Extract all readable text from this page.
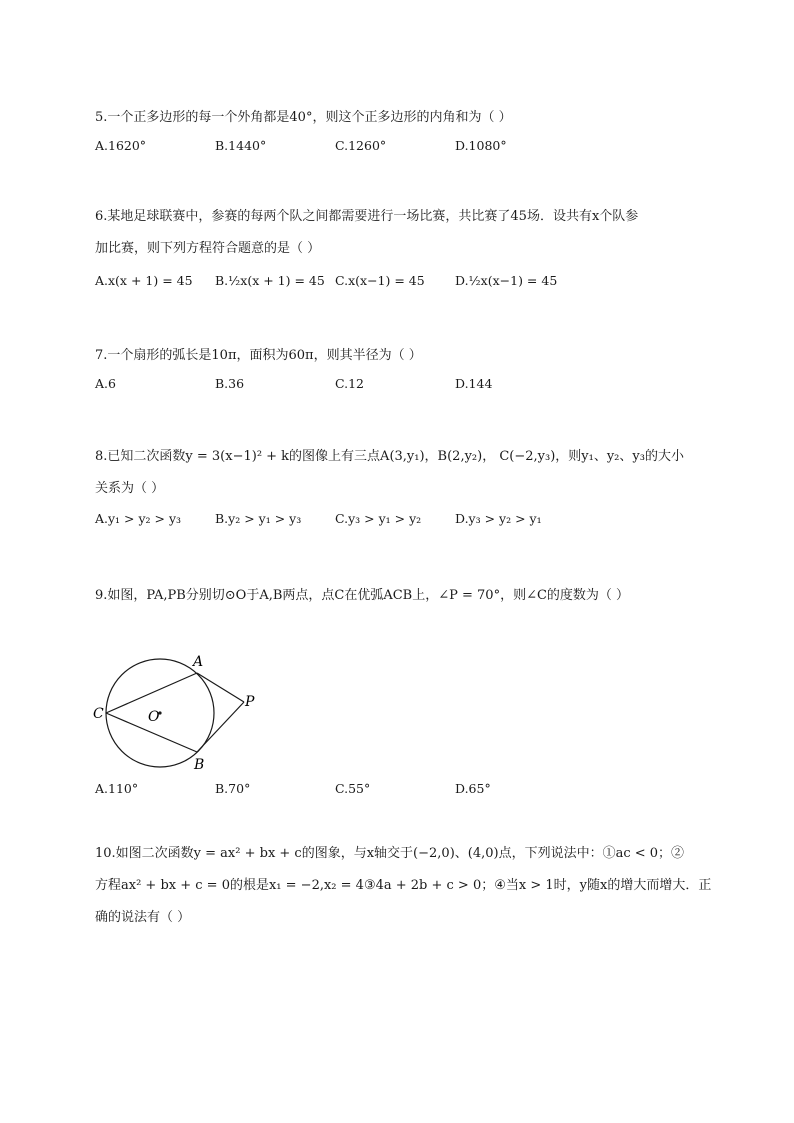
5.一个正多边形的每一个外角都是40°，则这个正多边形的内角和为（ ）
A.1620°	B.1440°	C.1260°	D.1080°
6.某地足球联赛中，参赛的每两个队之间都需要进行一场比赛，共比赛了45场．设共有x个队参
加比赛，则下列方程符合题意的是（ ）
A.x(x + 1) = 45 B.½x(x + 1) = 45 C.x(x−1) = 45 D.½x(x−1) = 45
7.一个扇形的弧长是10π，面积为60π，则其半径为（ ）
A.6	B.36	C.12	D.144
8.已知二次函数y = 3(x−1)² + k的图像上有三点A(3,y₁)，B(2,y₂)， C(−2,y₃)，则y₁、y₂、y₃的大小
关系为（ ）
A.y₁ > y₂ > y₃	B.y₂ > y₁ > y₃	C.y₃ > y₁ > y₂	D.y₃ > y₂ > y₁
9.如图，PA,PB分别切⊙O于A,B两点，点C在优弧ACB上，∠P = 70°，则∠C的度数为（ ）
A
B
C	O
P
A.110°	B.70°	C.55°	D.65°
10.如图二次函数y = ax² + bx + c的图象，与x轴交于(−2,0)、(4,0)点，下列说法中：①ac < 0；②
方程ax² + bx + c = 0的根是x₁ = −2,x₂ = 4③4a + 2b + c > 0；④当x > 1时，y随x的增大而增大．正
确的说法有（ ）
